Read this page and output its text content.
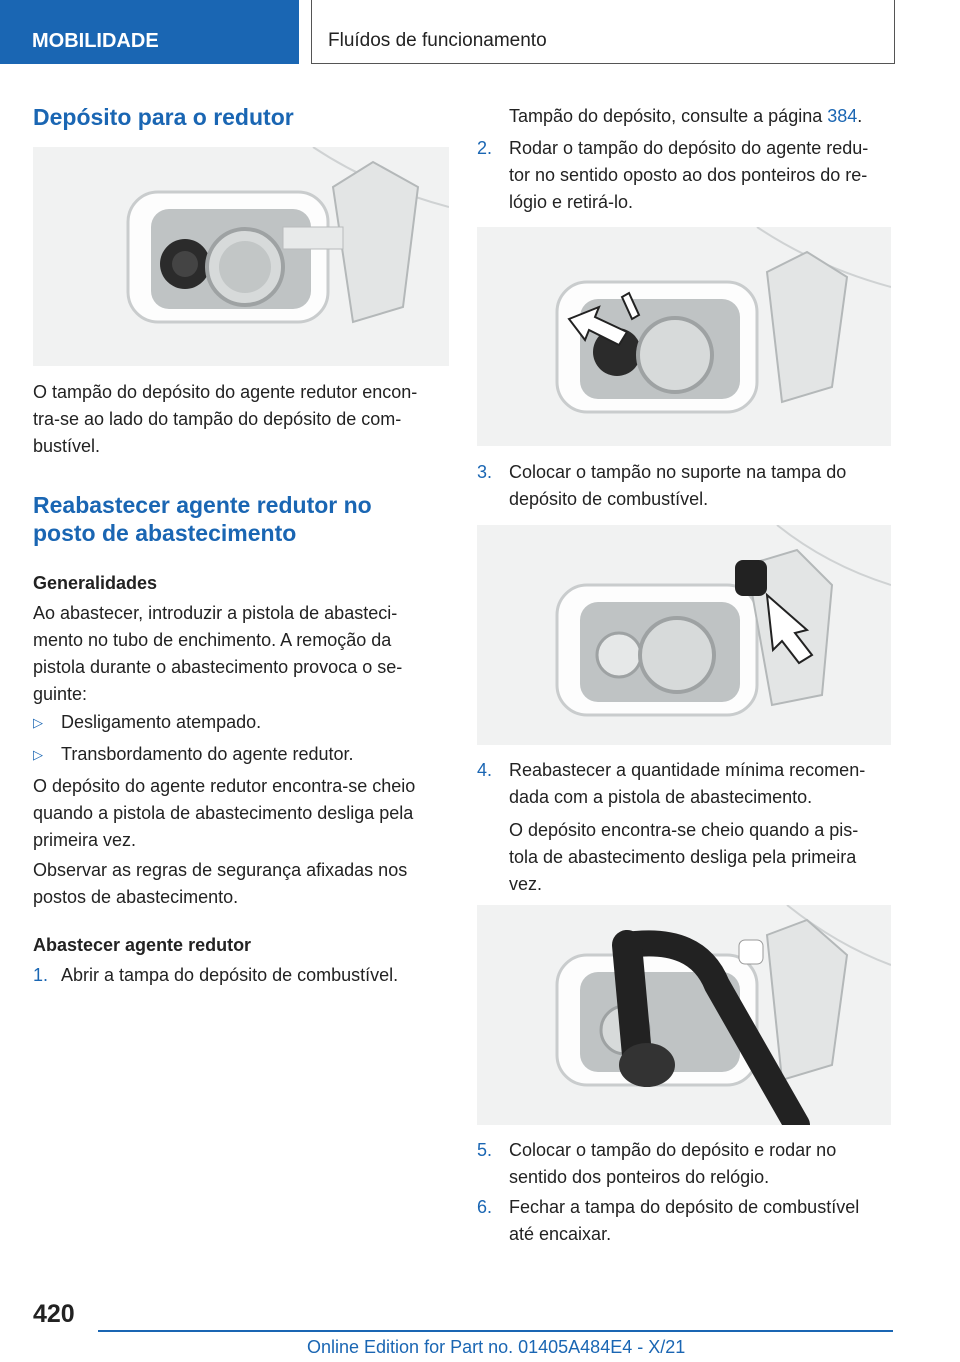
MOBILIDADE	Fluídos de funcionamento
Depósito para o redutor

O tampão do depósito do agente redutor encon-
tra-se ao lado do tampão do depósito de com-
bustível.

Reabastecer agente redutor no
posto de abastecimento
Generalidades

Ao abastecer, introduzir a pistola de abasteci-
mento no tubo de enchimento. A remoção da
pistola durante o abastecimento provoca o se-
guinte:

▷ Desligamento atempado.
▷ Transbordamento do agente redutor.

O depósito do agente redutor encontra-se cheio
quando a pistola de abastecimento desliga pela
primeira vez.

Observar as regras de segurança afixadas nos
postos de abastecimento.

Abastecer agente redutor
1. Abrir a tampa do depósito de combustível.

Tampão do depósito, consulte a página 384.

2. Rodar o tampão do depósito do agente redu-
tor no sentido oposto ao dos ponteiros do re-
lógio e retirá-lo.
3. Colocar o tampão no suporte na tampa do
depósito de combustível.
4. Reabastecer a quantidade mínima recomen-
dada com a pistola de abastecimento.

O depósito encontra-se cheio quando a pis-
tola de abastecimento desliga pela primeira
vez.

5. Colocar o tampão do depósito e rodar no
sentido dos ponteiros do relógio.
6. Fechar a tampa do depósito de combustível
até encaixar.
420
Online Edition for Part no. 01405A484E4 - X/21
